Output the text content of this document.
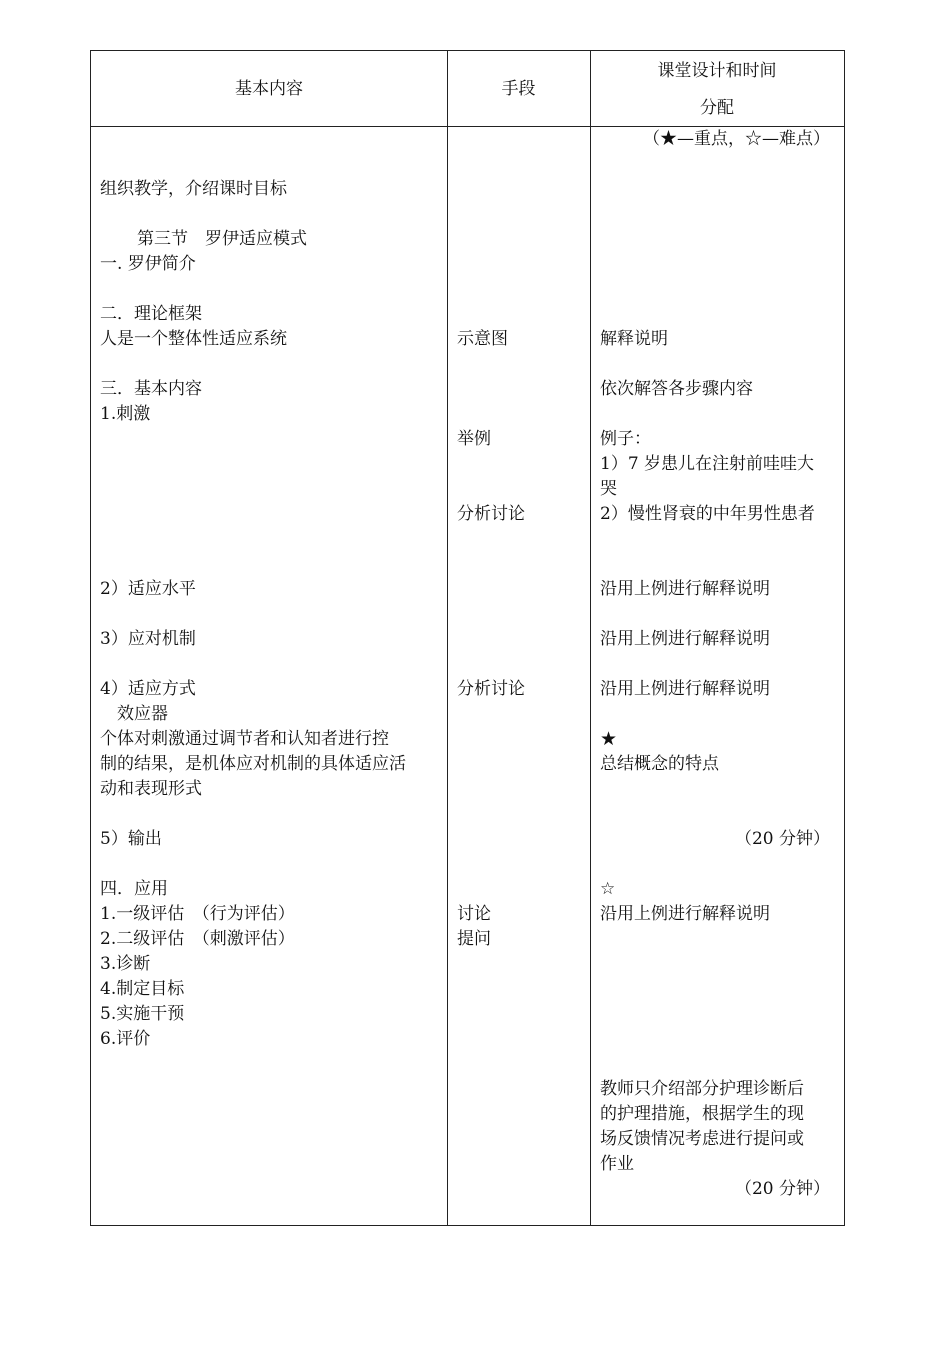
基本内容	手段
课堂设计和时间
分配
组织教学，介绍课时目标
第三节　罗伊适应模式
一. 罗伊简介
二．理论框架
人是一个整体性适应系统
三．基本内容
1.刺激
2）适应水平
3）应对机制
4）适应方式
效应器
个体对刺激通过调节者和认知者进行控
制的结果，是机体应对机制的具体适应活
动和表现形式
5）输出
四．应用
1.一级评估　（行为评估）
2.二级评估　（刺激评估）
3.诊断
4.制定目标
5.实施干预
6.评价
示意图
举例
分析讨论
分析讨论
讨论
提问
（★—重点，☆—难点）
解释说明
依次解答各步骤内容
例子：
1）7 岁患儿在注射前哇哇大
哭
2）慢性肾衰的中年男性患者
沿用上例进行解释说明
沿用上例进行解释说明
沿用上例进行解释说明
★
总结概念的特点
（20 分钟）
☆
沿用上例进行解释说明
教师只介绍部分护理诊断后
的护理措施，根据学生的现
场反馈情况考虑进行提问或
作业
（20 分钟）
